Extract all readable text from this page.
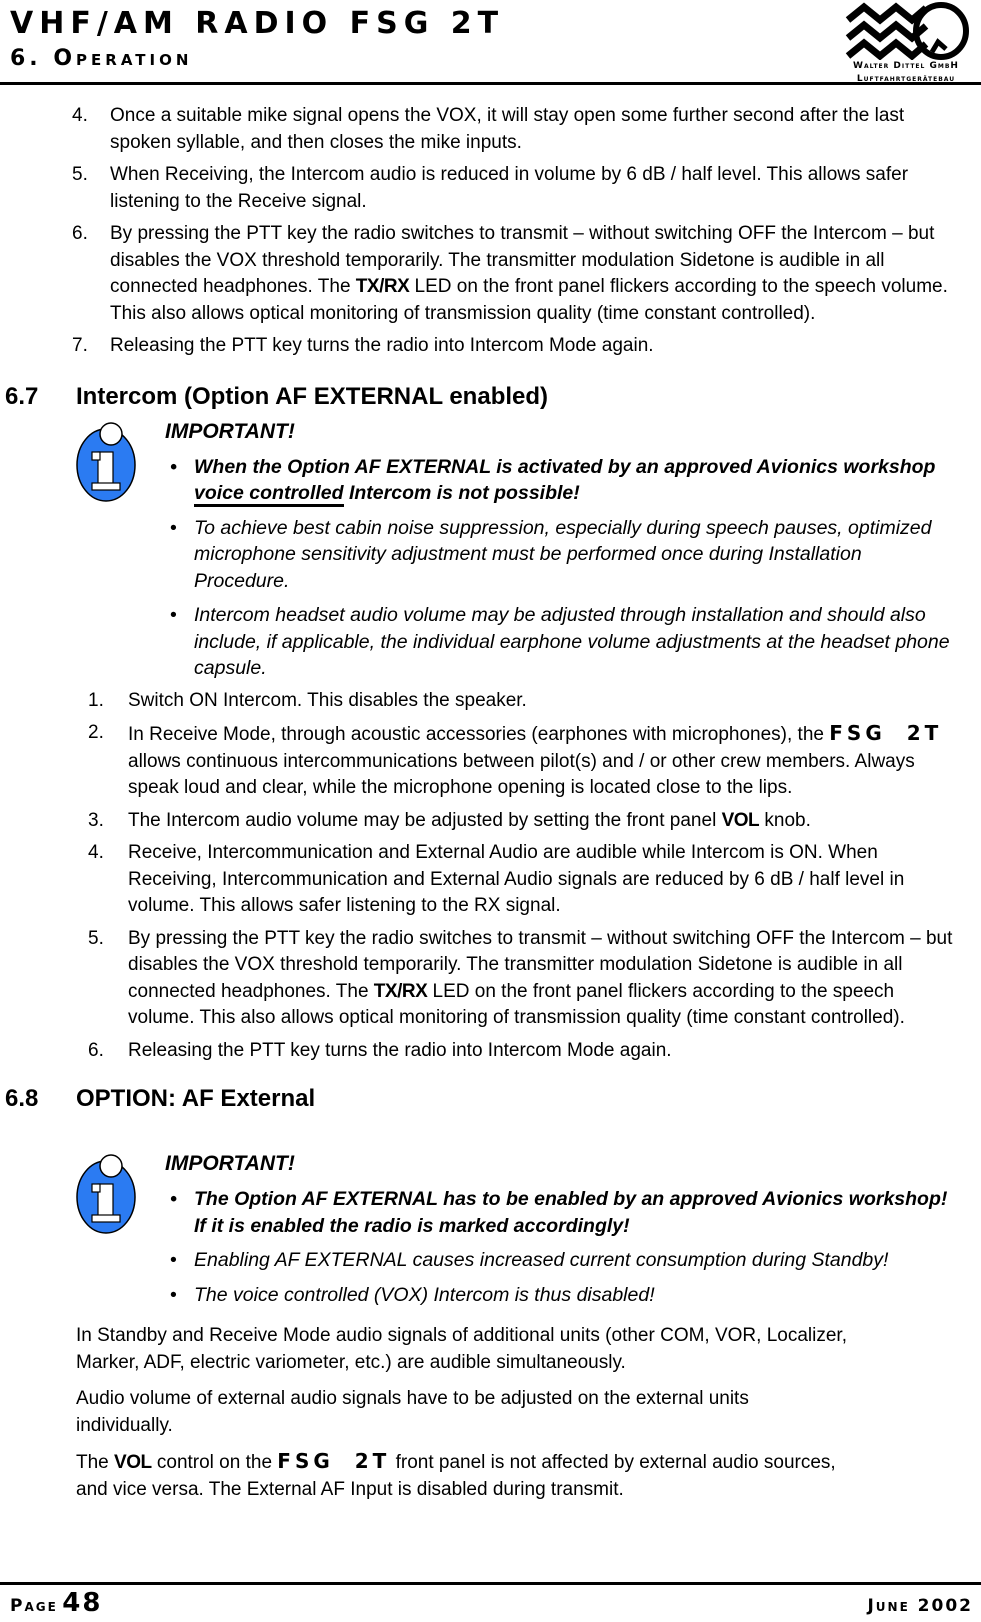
VHF/AM RADIO FSG 2T
6. Operation	Walter Dittel GmbH
Luftfahrtgerätebau
4.	Once a suitable mike signal opens the VOX, it will stay open some further second after the last spoken syllable, and then closes the mike inputs.
5.	When Receiving, the Intercom audio is reduced in volume by 6 dB / half level. This allows safer listening to the Receive signal.
6.	By pressing the PTT key the radio switches to transmit – without switching OFF the Intercom – but disables the VOX threshold temporarily. The transmitter modulation Sidetone is audible in all connected headphones. The TX/RX LED on the front panel flickers according to the speech volume. This also allows optical monitoring of transmission quality (time constant controlled).
7.	Releasing the PTT key turns the radio into Intercom Mode again.
6.7	Intercom (Option AF EXTERNAL enabled)
IMPORTANT!
•
When the Option AF EXTERNAL is activated by an approved Avionics workshop voice controlled Intercom is not possible!
•
To achieve best cabin noise suppression, especially during speech pauses, optimized microphone sensitivity adjustment must be performed once during Installation Procedure.
•
Intercom headset audio volume may be adjusted through installation and should also include, if applicable, the individual earphone volume adjustments at the headset phone capsule.
1.	Switch ON Intercom. This disables the speaker.
2.	In Receive Mode, through acoustic accessories (earphones with microphones), the FSG 2T allows continuous intercommunications between pilot(s) and / or other crew members. Always speak loud and clear, while the microphone opening is located close to the lips.
3.	The Intercom audio volume may be adjusted by setting the front panel VOL knob.
4.	Receive, Intercommunication and External Audio are audible while Intercom is ON. When Receiving, Intercommunication and External Audio signals are reduced by 6 dB / half level in volume. This allows safer listening to the RX signal.
5.	By pressing the PTT key the radio switches to transmit – without switching OFF the Intercom – but disables the VOX threshold temporarily. The transmitter modulation Sidetone is audible in all connected headphones. The TX/RX LED on the front panel flickers according to the speech volume. This also allows optical monitoring of transmission quality (time constant controlled).
6.	Releasing the PTT key turns the radio into Intercom Mode again.
6.8	OPTION: AF External
IMPORTANT!
•
The Option AF EXTERNAL has to be enabled by an approved Avionics workshop! If it is enabled the radio is marked accordingly!
•
Enabling AF EXTERNAL causes increased current consumption during Standby!
•
The voice controlled (VOX) Intercom is thus disabled!
In Standby and Receive Mode audio signals of additional units (other COM, VOR, Localizer, Marker, ADF, electric variometer, etc.) are audible simultaneously.
Audio volume of external audio signals have to be adjusted on the external units individually.
The VOL control on the FSG 2T front panel is not affected by external audio sources, and vice versa. The External AF Input is disabled during transmit.
Page 48	June 2002
